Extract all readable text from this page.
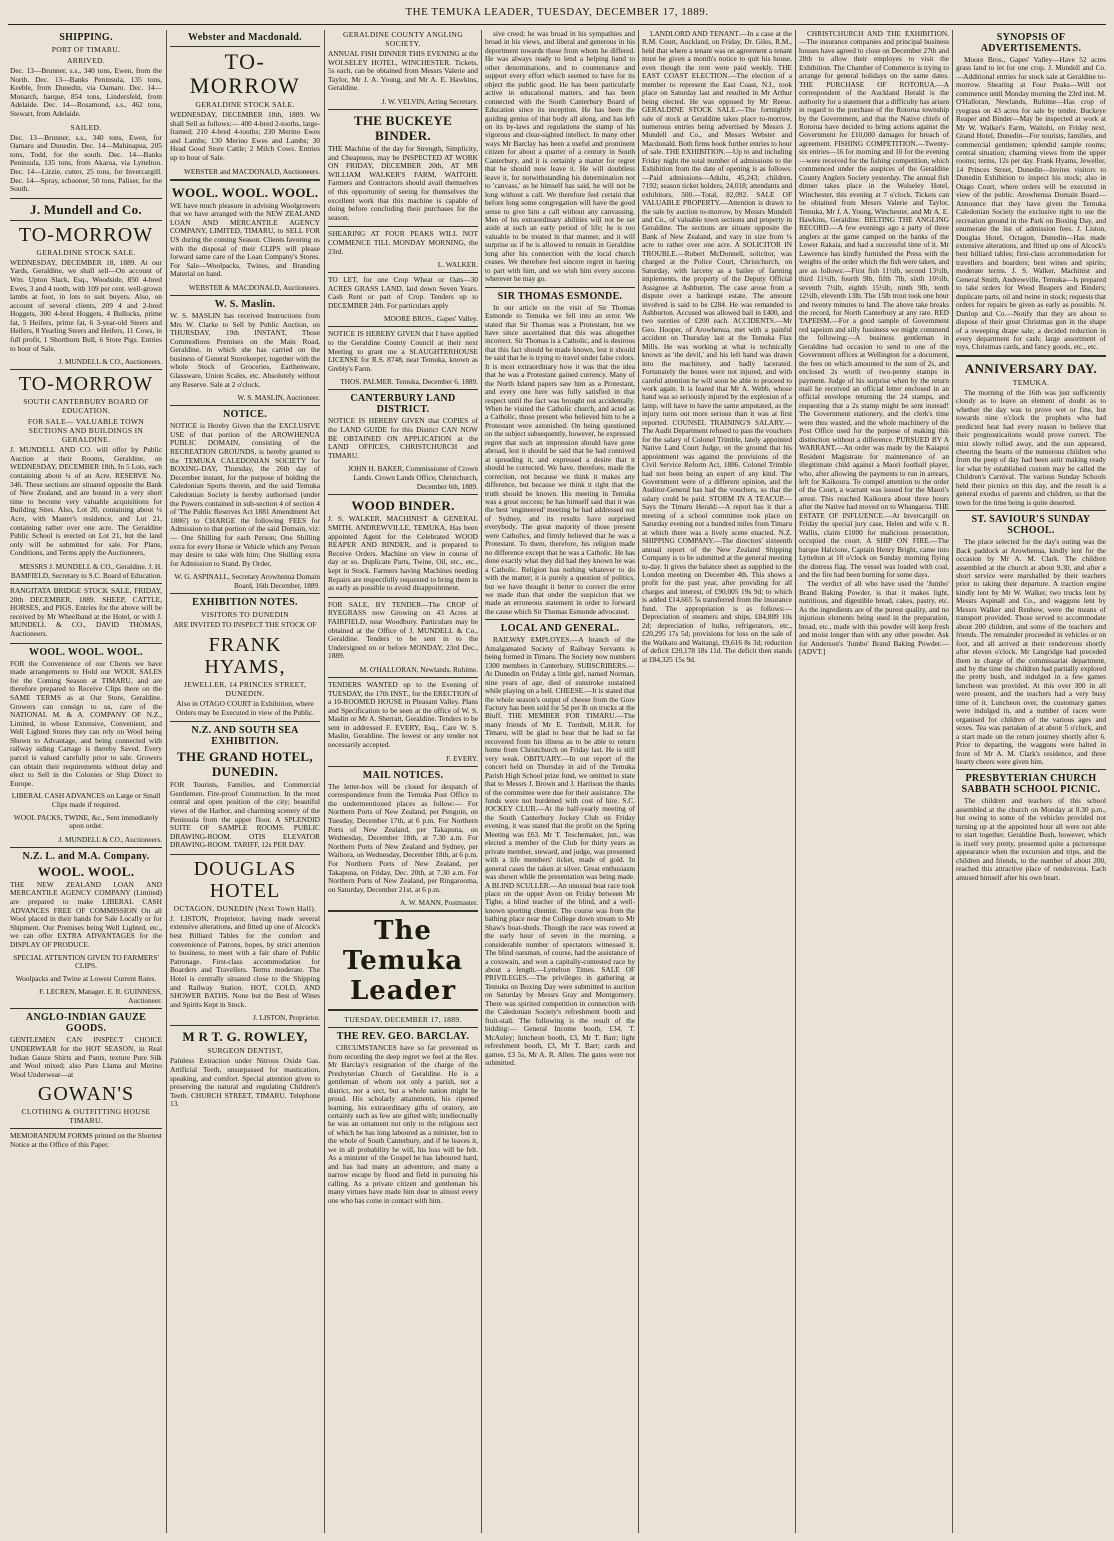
THE TEMUKA LEADER, TUESDAY, DECEMBER 17, 1889.
SHIPPING.
PORT OF TIMARU.
ARRIVED.
Dec. 13—Brunner, s.s., 340 tons, Ewen, from the North. Dec. 13—Banks Peninsula, 135 tons, Keeble, from Dunedin, via Oamaru. Dec. 14—Monarch, barque, 854 tons, Lindersfeld, from Adelaide. Dec. 14—Rosamond, s.s., 462 tons, Stewart, from Adelaide.
SAILED.
Dec. 13—Brunner, s.s., 340 tons, Ewen, for Oamaru and Dunedin. Dec. 14—Mahinapua, 205 tons, Todd, for the south. Dec. 14—Banks Peninsula, 135 tons, from Akaroa, via Lyttelton. Dec. 14—Lizzie, cutter, 25 tons, for Invercargill. Dec. 14—Spray, schooner, 50 tons, Paliser, for the South.
J. Mundell and Co.
TO-MORROW
GERALDINE STOCK SALE.
WEDNESDAY, DECEMBER 18, 1889. At our Yards, Geraldine, we shall sell—On account of Wm. Upton Slack, Esq., Woodside, 850 4-bred Ewes, 3 and 4 tooth, with 109 per cent. well-grown lambs at foot, in lots to suit buyers. Also, on account of several clients, 209 4 and 2-bred Hoggets, 300 4-bred Hoggets, 4 Bullocks, prime fat, 5 Heifers, prime fat, 6 3-year-old Steers and Heifers, 8 Yearling Steers and Heifers, 11 Cows, in full profit, 1 Shorthorn Bull, 6 Store Pigs. Entries to hour of Sale.
J. MUNDELL & CO., Auctioneers.
TO-MORROW
SOUTH CANTERBURY BOARD OF EDUCATION.
FOR SALE— VALUABLE TOWN SECTIONS AND BUILDINGS IN GERALDINE.
J. MUNDELL AND CO. will offer by Public Auction at their Rooms, Geraldine, on WEDNESDAY, DECEMBER 18th, In 5 Lots, each containing about ¼ of an Acre, RESERVE No. 346. These sections are situated opposite the Bank of New Zealand, and are bound in a very short time to become very valuable acquisitions for Building Sites. Also, Lot 20, containing about ¼ Acre, with Master's residence, and Lot 21, containing rather over one acre. The Geraldine Public School is erected on Lot 21, but the land only will be submitted for sale. For Plans, Conditions, and Terms apply the Auctioneers,
MESSRS J. MUNDELL & CO., Geraldine. J. H. BAMFIELD, Secretary to S.C. Board of Education.
RANGITATA BRIDGE STOCK SALE, FRIDAY, 20th DECEMBER, 1889. SHEEP, CATTLE, HORSES, and PIGS. Entries for the above will be received by Mr Wheelband at the Hotel, or with J. MUNDELL & CO., DAVID THOMAS, Auctioneers.
WOOL. WOOL. WOOL.
FOR the Convenience of our Clients we have made arrangements to Hold our WOOL SALES for the Coming Season at TIMARU, and are therefore prepared to Receive Clips there on the SAME TERMS as at Our Store, Geraldine. Growers can consign to us, care of the NATIONAL M. & A. COMPANY OF N.Z., Limited, in whose Extensive, Convenient, and Well Lighted Stores they can rely on Wool being Shown to Advantage, and being connected with railway siding Cartage is thereby Saved. Every parcel is valued carefully prior to sale. Growers can obtain their requirements without delay and elect to Sell in the Colonies or Ship Direct to Europe.
LIBERAL CASH ADVANCES on Large or Small Clips made if required.
WOOL PACKS, TWINE, &c., Sent immediately upon order.
J. MUNDELL & CO., Auctioneers.
N.Z. L. and M.A. Company.
WOOL. WOOL.
THE NEW ZEALAND LOAN AND MERCANTILE AGENCY COMPANY (Limited) are prepared to make LIBERAL CASH ADVANCES FREE OF COMMISSION On all Wool placed in their hands for Sale Locally or for Shipment. Our Premises being Well Lighted, etc., we can offer EXTRA ADVANTAGES for the DISPLAY OF PRODUCE.
SPECIAL ATTENTION GIVEN TO FARMERS' CLIPS.
Woolpacks and Twine at Lowest Current Rates.
F. LECREN, Manager. E. R. GUINNESS, Auctioneer.
ANGLO-INDIAN GAUZE GOODS.
GENTLEMEN CAN INSPECT CHOICE UNDERWEAR for the HOT SEASON, in Real Indian Gauze Shirts and Pants, texture Pure Silk and Wool mixed; also Pure Llama and Merino Wool Underwear—at
GOWAN'S
CLOTHING & OUTFITTING HOUSE TIMARU.
MEMORANDUM FORMS printed on the Shortest Notice at the Office of this Paper.
Webster and Macdonald.
TO-MORROW
GERALDINE STOCK SALE.
WEDNESDAY, DECEMBER 18th, 1889. We shall Sell as follows:— 400 4-bred 2-tooths, large-framed; 210 4-bred 4-tooths; 230 Merino Ewes and Lambs; 130 Merino Ewes and Lambs; 30 Head Good Store Cattle; 2 Milch Cows. Entries up to hour of Sale.
WEBSTER and MACDONALD, Auctioneers.
WOOL. WOOL. WOOL.
WE have much pleasure in advising Woolgrowers that we have arranged with the NEW ZEALAND LOAN AND MERCANTILE AGENCY COMPANY, LIMITED, TIMARU, to SELL FOR US during the coming Season. Clients favoring us with the disposal of their CLIPS will please forward same care of the Loan Company's Stores. For Sale—Woolpacks, Twines, and Branding Material on hand.
WEBSTER & MACDONALD, Auctioneers.
W. S. Maslin.
W. S. MASLIN has received Instructions from Mrs W. Clarke to Sell by Public Auction, on THURSDAY, 19th INSTANT, Those Commodious Premises on the Main Road, Geraldine, in which she has carried on the business of General Storekeeper, together with the whole Stock of Groceries, Earthenware, Glassware, Union Scales, etc. Absolutely without any Reserve. Sale at 2 o'clock.
W. S. MASLIN, Auctioneer.
NOTICE.
NOTICE is Hereby Given that the EXCLUSIVE USE of that portion of the AROWHENUA PUBLIC DOMAIN, consisting of the RECREATION GROUNDS, is hereby granted to the TEMUKA CALEDONIAN SOCIETY for BOXING-DAY, Thursday, the 26th day of December instant, for the purpose of holding the Caledonian Sports therein, and the said Temuka Caledonian Society is hereby authorised (under the Powers contained in sub-section 4 of section 4 of 'The Public Reserves Act 1881 Amendment Act 1886') to CHARGE the following FEES for Admission to that portion of the said Domain, viz:— One Shilling for each Person; One Shilling extra for every Horse or Vehicle which any Person may desire to take with him; One Shilling extra for Admission to Stand. By Order,
W. G. ASPINALL, Secretary Arowhenua Domain Board, 16th December, 1889.
EXHIBITION NOTES.
VISITORS TO DUNEDIN
ARE INVITED TO INSPECT THE STOCK OF
FRANK HYAMS,
JEWELLER, 14 PRINCES STREET, DUNEDIN.
Also in OTAGO COURT in Exhibition, where Orders may be Executed in view of the Public.
N.Z. AND SOUTH SEA EXHIBITION.
THE GRAND HOTEL, DUNEDIN.
FOR Tourists, Families, and Commercial Gentlemen. Fire-proof Construction. In the most central and open position of the city; beautiful views of the Harbor, and charming scenery of the Peninsula from the upper floor. A SPLENDID SUITE OF SAMPLE ROOMS. PUBLIC DRAWING-ROOM. OTIS ELEVATOR DRAWING-ROOM. TARIFF, 12s PER DAY.
DOUGLAS HOTEL
OCTAGON, DUNEDIN (Next Town Hall).
J. LISTON, Proprietor, having made several extensive alterations, and fitted up one of Alcock's best Billiard Tables for the comfort and convenience of Patrons, hopes, by strict attention to business, to meet with a fair share of Public Patronage. First-class accommodation for Boarders and Travellers. Terms moderate. The Hotel is centrally situated close to the Shipping and Railway Station. HOT, COLD, AND SHOWER BATHS. None but the Best of Wines and Spirits Kept in Stock.
J. LISTON, Proprietor.
M R T. G. ROWLEY,
SURGEON DENTIST,
Painless Extraction under Nitrous Oxide Gas. Artificial Teeth, unsurpassed for mastication, speaking, and comfort. Special attention given to preserving the natural and regulating Children's Teeth. CHURCH STREET, TIMARU. Telephone 13.
GERALDINE COUNTY ANGLING SOCIETY.
ANNUAL FISH DINNER THIS EVENING at the WOLSELEY HOTEL, WINCHESTER. Tickets, 5s each, can be obtained from Messrs Valerie and Taylor, Mr J. A. Young, and Mr A. E. Hawkins, Geraldine.
J. W. VELVIN, Acting Secretary.
THE BUCKEYE BINDER.
THE Machine of the day for Strength, Simplicity, and Cheapness, may be INSPECTED AT WORK ON FRIDAY, DECEMBER 20th, AT MR WILLIAM WALKER'S FARM, WAITOHI. Farmers and Contractors should avail themselves of this opportunity of seeing for themselves the excellent work that this machine is capable of doing before concluding their purchases for the season.
SHEARING AT FOUR PEAKS WILL NOT COMMENCE TILL MONDAY MORNING, the 23rd.
L. WALKER.
TO LET, for one Crop Wheat or Oats—30 ACRES GRASS LAND, laid down Seven Years. Cash Rent or part of Crop. Tenders up to DECEMBER 24th. For particulars apply
MOORE BROS., Gapes' Valley.
NOTICE IS HEREBY GIVEN that I have applied to the Geraldine County Council at their next Meeting to grant me a SLAUGHTERHOUSE LICENSE for R.S. 8748, near Temuka, known as Grebly's Farm.
THOS. PALMER. Temuka, December 6, 1889.
CANTERBURY LAND DISTRICT.
NOTICE IS HEREBY GIVEN that COPIES of the LAND GUIDE for this District CAN NOW BE OBTAINED ON APPLICATION at the LAND OFFICES, CHRISTCHURCH and TIMARU.
JOHN H. BAKER, Commissioner of Crown Lands. Crown Lands Office, Christchurch, December 6th, 1889.
WOOD BINDER.
J. S. WALKER, MACHINIST & GENERAL SMITH, ANDREWVILLE, TEMUKA, Has been appointed Agent for the Celebrated WOOD REAPER AND BINDER, and is prepared to Receive Orders. Machine on view in course of day or so. Duplicate Parts, Twine, Oil, etc., etc., kept in Stock. Farmers having Machines needing Repairs are respectfully requested to bring them in as early as possible to avoid disappointment.
FOR SALE, BY TENDER—The CROP of RYEGRASS now Growing on 43 Acres at FAIRFIELD, near Woodbury. Particulars may be obtained at the Office of J. MUNDELL & Co., Geraldine. Tenders to be sent in to the Undersigned on or before MONDAY, 23rd Dec., 1889.
M. O'HALLORAN, Newlands, Ruhime.
TENDERS WANTED up to the Evening of TUESDAY, the 17th INST., for the ERECTION of a 10-ROOMED HOUSE in Pleasant Valley. Plans and Specification to be seen at the office of W. S. Maslin or Mr A. Sherratt, Geraldine. Tenders to be sent in addressed F. EVERY, Esq., Care W. S. Maslin, Geraldine. The lowest or any tender not necessarily accepted.
F. EVERY.
MAIL NOTICES.
The letter-box will be closed for despatch of correspondence from the Temuka Post Office to the undermentioned places as follow:— For Northern Ports of New Zealand, per Penguin, on Tuesday, December 17th, at 6 p.m. For Northern Ports of New Zealand, per Takapuna, on Wednesday, December 18th, at 7.30 a.m. For Northern Ports of New Zealand and Sydney, per Waihora, on Wednesday, December 18th, at 6 p.m. For Northern Ports of New Zealand, per Takapuna, on Friday, Dec. 20th, at 7.30 a.m. For Northern Ports of New Zealand, per Ringarooma, on Saturday, December 21st, at 6 p.m.
A. W. MANN, Postmaster.
The Temuka Leader
TUESDAY, DECEMBER 17, 1889.
THE REV. GEO. BARCLAY.
CIRCUMSTANCES have so far prevented us from recording the deep regret we feel at the Rev. Mr Barclay's resignation of the charge of the Presbyterian Church of Geraldine. He is a gentleman of whom not only a parish, nor a district, nor a sect, but a whole nation might be proud. His scholarly attainments, his ripened learning, his extraordinary gifts of oratory, are certainly such as few are gifted with; intellectually he was an ornament not only to the religious sect of which he has long laboured as a minister, but to the whole of South Canterbury, and if he leaves it, we in all probability he will, his loss will be felt. As a minister of the Gospel he has laboured hard, and has had many an adventure, and many a narrow escape by flood and field in pursuing his calling. As a private citizen and gentleman his many virtues have made him dear to almost every one who has come in contact with him.
sive creed; he was broad in his sympathies and broad in his views, and liberal and generous in his deportment towards those from whom he differed. He was always ready to lend a helping hand to other denominations, and to countenance and support every effort which seemed to have for its object the public good. He has been particularly active in educational matters, and has been connected with the South Canterbury Board of Education since its inception. He has been the guiding genius of that body all along, and has left on its by-laws and regulations the stamp of his vigorous and clear-sighted intellect. In many other ways Mr Barclay has been a useful and prominent citizen for about a quarter of a century in South Canterbury, and it is certainly a matter for regret that he should now leave it. He will doubtless leave it, for notwithstanding his determination not to 'canvass,' as he himself has said, he will not be long without a call. We therefore feel certain that before long some congregation will have the good sense to give him a call without any canvassing. Men of his extraordinary abilities will not be set aside at such an early period of life; he is too valuable to be treated in that manner, and it will surprise us if he is allowed to remain in Geraldine long after his connection with the local church ceases. We therefore feel sincere regret in having to part with him, and we wish him every success wherever he may go.
SIR THOMAS ESMONDE.
In our article on the visit of Sir Thomas Esmonde to Temuka we fell into an error. We stated that Sir Thomas was a Protestant, but we have since ascertained that this was altogether incorrect. Sir Thomas is a Catholic, and is desirous that this fact should be made known, lest it should be said that he is trying to travel under false colors. It is most extraordinary how it was that the idea that he was a Protestant gained currency. Many of the North Island papers saw him as a Protestant, and every one here was fully satisfied in that respect until the fact was brought out accidentally. When he visited the Catholic church, and acted as a Catholic, those present who believed him to be a Protestant were astonished. On being questioned on the subject subsequently, however, he expressed regret that such an impression should have gone abroad, lest it should be said that he had connived at spreading it, and expressed a desire that it should be corrected. We have, therefore, made the correction, not because we think it makes any difference, but because we think it right that the truth should be known. His meeting in Temuka was a great success; he has himself said that it was the best 'engineered' meeting he had addressed out of Sydney, and its results have surprised everybody. The great majority of those present were Catholics, and firmly believed that he was a Protestant. To them, therefore, his religion made no difference except that he was a Catholic. He has done exactly what they did had they known he was a Catholic. Religion has nothing whatever to do with the matter; it is purely a question of politics, but we have thought it better to correct the error we made than that under the suspicion that we made an erroneous statement in order to forward the cause which Sir Thomas Esmonde advocated.
LOCAL AND GENERAL.
RAILWAY EMPLOYES.—A branch of the Amalgamated Society of Railway Servants is being formed in Timaru. The Society now numbers 1300 members in Canterbury. SUBSCRIBERS.—At Dunedin on Friday a little girl, named Norman, nine years of age, died of sunstroke sustained while playing on a bell. CHEESE.—It is stated that the whole season's output of cheese from the Gore Factory has been sold for 5d per lb on trucks at the Bluff. THE MEMBER FOR TIMARU.—The many friends of Mr E. Turnbull, M.H.R. for Timaru, will be glad to hear that he had so far recovered from his illness as to be able to return home from Christchurch on Friday last. He is still very weak. OBITUARY.—In our report of the concert held on Thursday in aid of the Temuka Parish High School prize fund, we omitted to state that to Messrs J. Brown and J. Harrison the thanks of the committee were due for their assistance. The funds were not burdened with cost of hire. S.C. JOCKEY CLUB.—At the half-yearly meeting of the South Canterbury Jockey Club on Friday evening, it was stated that the profit on the Spring Meeting was £63. Mr T. Teschemaker, jun., was elected a member of the Club for thirty years as private member, steward, and judge, was presented with a life members' ticket, made of gold. In general cases the taken at silver. Great enthusiasm was shown while the presentation was being made. A BLIND SCULLER.—An unusual boat race took place on the upper Avon on Friday between Mr Tighe, a blind teacher of the blind, and a well-known sporting chemist. The course was from the bathing place near the College down stream to Mr Shaw's boat-sheds. Though the race was rowed at the early hour of seven in the morning, a considerable number of spectators witnessed it. The blind oarsman, of course, had the assistance of a coxswain, and won a capitally-contested race by about a length.—Lyttelton Times. SALE OF PRIVILEGES.—The privileges in gathering at Temuka on Boxing Day were submitted to auction on Saturday by Messrs Gray and Montgomery. There was spirited competition in connection with the Caledonian Society's refreshment booth and fruit-stall. The following is the result of the bidding:— General Income booth, £34, T. McAuley; luncheon booth, £3, Mr T. Barr; light refreshment booth, £3, Mr T. Barr; cards and games, £3 5s, Mr A. R. Allen. The gates were not submitted.
LANDLORD AND TENANT.—In a case at the R.M. Court, Auckland, on Friday, Dr. Giles, R.M., held that where a tenant was on agreement a tenant must be given a month's notice to quit his house, even though the rent were paid weekly. THE EAST COAST ELECTION.—The election of a member to represent the East Coast, N.I., took place on Saturday last and resulted in Mr Arthur being elected. He was opposed by Mr Reese. GERALDINE STOCK SALE.—The fortnightly sale of stock at Geraldine takes place to-morrow, numerous entries being advertised by Messrs J. Mundell and Co., and Messrs Webster and Macdonald. Both firms book further entries to hour of sale. THE EXHIBITION.—Up to and including Friday night the total number of admissions to the Exhibition from the date of opening is as follows:—Paid admissions—Adults, 45,243; children, 7192; season ticket holders, 24,018; attendants and exhibitors, 500.—Total, 82,092. SALE OF VALUABLE PROPERTY.—Attention is drawn to the sale by auction to-morrow, by Messrs Mundell and Co., of valuable town sections and property in Geraldine. The sections are situate opposite the Bank of New Zealand, and vary in size from ¼ acre to rather over one acre. A SOLICITOR IN TROUBLE.—Robert McDonnell, solicitor, was charged at the Police Court, Christchurch, on Saturday, with larceny as a bailee of farming implements, the property of the Deputy Official Assignee at Ashburton. The case arose from a dispute over a bankrupt estate. The amount involved is said to be £284. He was remanded to Ashburton. Accused was allowed bail in £400, and two sureties of £200 each. ACCIDENTS.—Mr Geo. Hooper, of Arowhenua, met with a painful accident on Thursday last at the Temuka Flax Mills. He was working at what is technically known as 'the devil,' and his left hand was drawn into the machinery, and badly lacerated. Fortunately the bones were not injured, and with careful attention he will soon be able to proceed to work again. It is feared that Mr A. Webb, whose hand was so seriously injured by the explosion of a lamp, will have to have the same amputated, as the injury turns out more serious than it was at first reported. COUNSEL TRAINING'S SALARY.—The Audit Department refused to pass the vouchers for the salary of Colonel Trimble, lately appointed Native Land Court Judge, on the ground that his appointment was against the provisions of the Civil Service Reform Act, 1886. Colonel Trimble had not been being an expert of any kind. The Government were of a different opinion, and the Auditor-General has had the vouchers, so that the salary could be paid. STORM IN A TEACUP.—Says the Timaru Herald:—A report has it that a meeting of a school committee took place on Saturday evening not a hundred miles from Timaru at which there was a lively scene enacted. N.Z. SHIPPING COMPANY.—The directors' sixteenth annual report of the New Zealand Shipping Company is to be submitted at the general meeting to-day. It gives the balance sheet as supplied to the London meeting on December 4th. This shows a profit for the past year, after providing for all charges and interest, of £90,005 19s 9d; to which is added £14,665 5s transferred from the insurance fund. The appropriation is as follows:—Depreciation of steamers and ships, £84,889 10s 2d; depreciation of hulks, refrigerators, etc., £20,295 17s 5d; provisions for loss on the sale of the Waikato and Waitangi, £9,616 8s 3d; reduction of deficit £20,178 18s 11d. The deficit then stands at £84,325 15s 9d.
CHRISTCHURCH AND THE EXHIBITION.—The insurance companies and principal business houses have agreed to close on December 27th and 28th to allow their employes to visit the Exhibition. The Chamber of Commerce is trying to arrange for general holidays on the same dates. THE PURCHASE OF ROTORUA.—A correspondent of the Auckland Herald is the authority for a statement that a difficulty has arisen in regard to the purchase of the Rotorua township by the Government, and that the Native chiefs of Rotorua have decided to bring actions against the Government for £10,000 damages for breach of agreement. FISHING COMPETITION.—Twenty-six entries—16 for morning and 10 for the evening—were received for the fishing competition, which commenced under the auspices of the Geraldine County Anglers Society yesterday. The annual fish dinner takes place in the Wolseley Hotel, Winchester, this evening at 7 o'clock. Tickets can be obtained from Messrs Valerie and Taylor, Temuka, Mr J. A. Young, Winchester, and Mr A. E. Hawkins, Geraldine. BELTING THE ANGLING RECORD.—A few evenings ago a party of three anglers at the game camped on the banks of the Lower Rakaia, and had a successful time of it. Mr Lawrence has kindly furnished the Press with the weights of the order which the fish were taken, and are as follows:—First fish 11½lb, second 13½lb, third 11½lb, fourth 9lb, fifth 7lb, sixth 10½lb, seventh 7½lb, eighth 15½lb, ninth 9lb, tenth 12½lb, eleventh 13lb. The 15lb trout took one hour and twenty minutes to land. The above take breaks the record, for North Canterbury at any rate. RED TAPEISM.—For a good sample of Government red tapeism and silly fussiness we might commend the following:—A business gentleman in Geraldine had occasion to send to one of the Government offices at Wellington for a document, the fees on which amounted to the sum of 2s, and enclosed 2s worth of two-penny stamps in payment. Judge of his surprise when by the return mail he received an official letter enclosed in an official envelope returning the 24 stamps, and requesting that a 2s stamp might be sent instead! The Government stationery, and the clerk's time were thus wasted, and the whole machinery of the Post Office used for the purpose of making this distinction without a difference. PURSUED BY A WARRANT.—An order was made by the Kaiapoi Resident Magistrate for maintenance of an illegitimate child against a Maori football player, who, after allowing the payments to run in arrears, left for Kaikoura. To compel attention to the order of the Court, a warrant was issued for the Maori's arrest. This reached Kaikoura about three hours after the Native had moved on to Whangaroa. THE ESTATE OF INFLUENCE.—At Invercargill on Friday the special jury case, Helen and wife v. R. Wallis, claim £1000 for malicious prosecution, occupied the court. A SHIP ON FIRE.—The barque Halcione, Captain Henry Bright, came into Lyttelton at 10 o'clock on Sunday morning flying the distress flag. The vessel was loaded with coal, and the fire had been burning for some days.
The verdict of all who have used the 'Jumbo' Brand Baking Powder, is that it makes light, nutritious, and digestible bread, cakes, pastry, etc. As the ingredients are of the purest quality, and no injurious elements being used in the preparation, bread, etc., made with this powder will keep fresh and moist longer than with any other powder. Ask for Anderson's 'Jumbo' Brand Baking Powder.—[ADVT.]
SYNOPSIS OF ADVERTISEMENTS.
Moore Bros., Gapes' Valley—Have 52 acres grass land to let for one crop. J. Mundell and Co.—Additional entries for stock sale at Geraldine to-morrow. Shearing at Four Peaks—Will not commence until Monday morning the 23rd inst. M. O'Halloran, Newlands, Ruhime—Has crop of ryegrass on 43 acres for sale by tender. Buckeye Reaper and Binder—May be inspected at work at Mr W. Walker's Farm, Waitohi, on Friday next. Grand Hotel, Dunedin—For tourists, families, and commercial gentlemen; splendid sample rooms; central situation; charming views from the upper rooms; terms, 12s per day. Frank Hyams, Jeweller, 14 Princes Street, Dunedin—Invites visitors to Dunedin Exhibition to inspect his stock; also in Otago Court, where orders will be executed in view of the public. Arowhenua Domain Board—Announce that they have given the Temuka Caledonian Society the exclusive right to use the recreation ground in the Park on Boxing Day, and enumerate the list of admission fees. J. Liston, Douglas Hotel, Octagon, Dunedin—Has made extensive alterations, and fitted up one of Alcock's best billiard tables; first-class accommodation for travellers and boarders; best wines and spirits; moderate terms. J. S. Walker, Machinist and General Smith, Andrewville, Temuka—Is prepared to take orders for Wood Reapers and Binders; duplicate parts, oil and twine in stock; requests that orders for repairs be given as early as possible. N. Dunlop and Co.—Notify that they are about to dispose of their great Christmas gun in the shape of a sweeping drape sale; a decided reduction in every department for cash; large assortment of toys, Christmas cards, and fancy goods, etc., etc.
ANNIVERSARY DAY.
TEMUKA.
The morning of the 16th was just sufficiently cloudy as to leave an element of doubt as to whether the day was to prove wet or fine, but towards nine o'clock the prophets who had predicted heat had every reason to believe that their prognostications would prove correct. The mist slowly rolled away, and the sun appeared, cheering the hearts of the numerous children who from the peep of day had been astir making ready for what by established custom may be called the Children's Carnival. The various Sunday Schools held their picnics on this day, and the result is a general exodus of parents and children, so that the town for the time being is quite deserted.
ST. SAVIOUR'S SUNDAY SCHOOL.
The place selected for the day's outing was the Back paddock at Arowhenua, kindly lent for the occasion by Mr A. M. Clark. The children assembled at the church at about 9.30, and after a short service were marshalled by their teachers prior to taking their departure. A traction engine kindly lent by Mr W. Walker, two trucks lent by Messrs Aspinall and Co., and waggons lent by Messrs Walker and Renhow, were the means of transport provided. Those served to accommodate about 200 children, and some of the teachers and friends. The remainder proceeded in vehicles or on foot, and all arrived at their rendezvous shortly after eleven o'clock. Mr Langridge had preceded them in charge of the commissariat department, and by the time the children had partially explored the pretty bush, and indulged in a few games luncheon was provided. At this over 300 in all were present, and the teachers had a very busy time of it. Luncheon over, the customary games were indulged in, and a number of races were organised for children of the various ages and sexes. Tea was partaken of at about 5 o'clock, and a start made on the return journey shortly after 6. Prior to departing, the waggons were halted in front of Mr A. M. Clark's residence, and three hearty cheers were given him.
PRESBYTERIAN CHURCH SABBATH SCHOOL PICNIC.
The children and teachers of this school assembled at the church on Monday at 8.30 p.m., but owing to some of the vehicles provided not turning up at the appointed hour all were not able to start together. Geraldine Bush, however, which is itself very pretty, presented quite a picturesque appearance when the excursion and trips, and the children and friends, to the number of about 200, reached this attractive place of rendezvous. Each amused himself after his own heart.
